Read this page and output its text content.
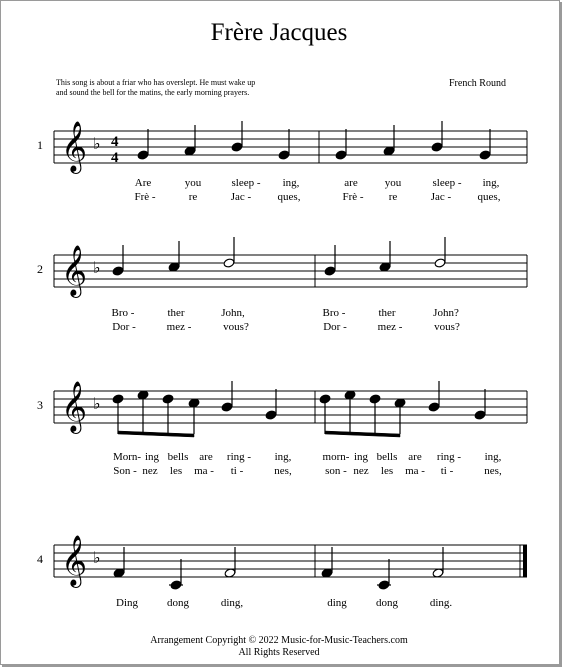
Frère Jacques
This song is about a friar who has overslept. He must wake up
and sound the bell for the matins, the early morning prayers.
French Round
1
2
3
4
𝄞 ♭ 4
4
𝄞 ♭
𝄞 ♭
𝄞 ♭
Are	you	sleep - ing,	are you	sleep - ing,
Frè -	re	Jac - ques,	Frè - re	Jac - ques,
Bro -	ther	John,	Bro -	ther	John?
Dor -	mez -	vous?	Dor -	mez -	vous?
Morn- ing bells are ring - ing,	morn- ing bells are ring - ing,
Son - nez les ma - ti -	nes,	son - nez les ma - ti -	nes,
Ding	dong	ding,	ding	dong	ding.
Arrangement Copyright © 2022 Music-for-Music-Teachers.com
All Rights Reserved
